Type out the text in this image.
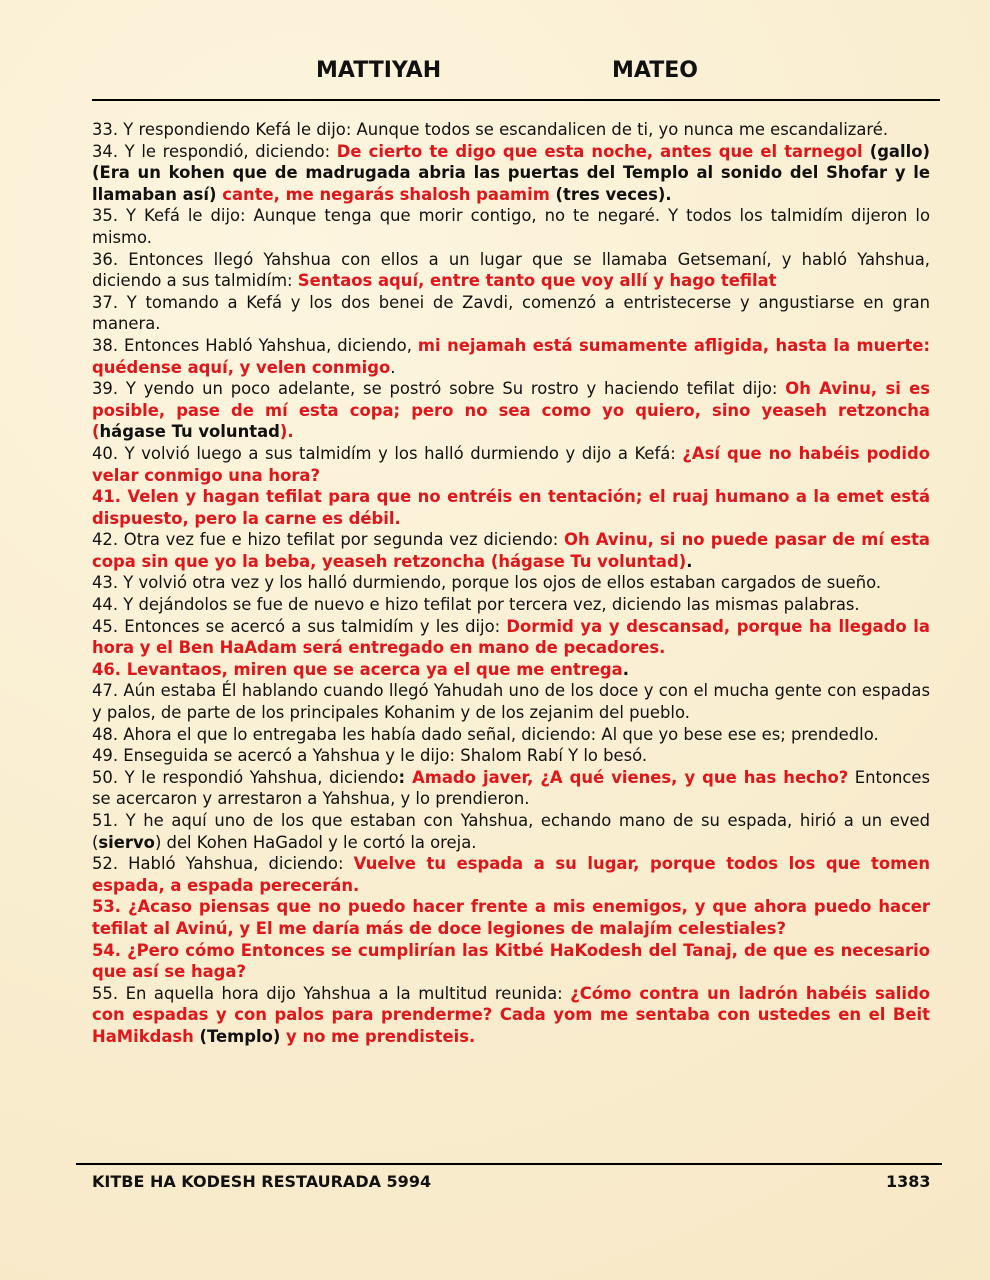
MATTIYAH	MATEO

33. Y respondiendo Kefá le dijo: Aunque todos se escandalicen de ti, yo nunca me escandalizaré.

34. Y le respondió, diciendo: De cierto te digo que esta noche, antes que el tarnegol (gallo) (Era un kohen que de madrugada abria las puertas del Templo al sonido del Shofar y le llamaban así) cante, me negarás shalosh paamim (tres veces).

35. Y Kefá le dijo: Aunque tenga que morir contigo, no te negaré. Y todos los talmidím dijeron lo mismo.

36. Entonces llegó Yahshua con ellos a un lugar que se llamaba Getsemaní, y habló Yahshua, diciendo a sus talmidím: Sentaos aquí, entre tanto que voy allí y hago tefilat

37. Y tomando a Kefá y los dos benei de Zavdi, comenzó a entristecerse y angustiarse en gran manera.

38. Entonces Habló Yahshua, diciendo, mi nejamah está sumamente afligida, hasta la muerte: quédense aquí, y velen conmigo.

39. Y yendo un poco adelante, se postró sobre Su rostro y haciendo tefilat dijo: Oh Avinu, si es posible, pase de mí esta copa; pero no sea como yo quiero, sino yeaseh retzoncha (hágase Tu voluntad).

40. Y volvió luego a sus talmidím y los halló durmiendo y dijo a Kefá: ¿Así que no habéis podido velar conmigo una hora?

41. Velen y hagan tefilat para que no entréis en tentación; el ruaj humano a la emet está dispuesto, pero la carne es débil.

42. Otra vez fue e hizo tefilat por segunda vez diciendo: Oh Avinu, si no puede pasar de mí esta copa sin que yo la beba, yeaseh retzoncha (hágase Tu voluntad).

43. Y volvió otra vez y los halló durmiendo, porque los ojos de ellos estaban cargados de sueño.

44. Y dejándolos se fue de nuevo e hizo tefilat por tercera vez, diciendo las mismas palabras.

45. Entonces se acercó a sus talmidím y les dijo: Dormid ya y descansad, porque ha llegado la hora y el Ben HaAdam será entregado en mano de pecadores.

46. Levantaos, miren que se acerca ya el que me entrega.

47. Aún estaba Él hablando cuando llegó Yahudah uno de los doce y con el mucha gente con espadas y palos, de parte de los principales Kohanim y de los zejanim del pueblo.

48. Ahora el que lo entregaba les había dado señal, diciendo: Al que yo bese ese es; prendedlo.

49. Enseguida se acercó a Yahshua y le dijo: Shalom Rabí Y lo besó.

50. Y le respondió Yahshua, diciendo: Amado javer, ¿A qué vienes, y que has hecho? Entonces se acercaron y arrestaron a Yahshua, y lo prendieron.

51. Y he aquí uno de los que estaban con Yahshua, echando mano de su espada, hirió a un eved (siervo) del Kohen HaGadol y le cortó la oreja.

52. Habló Yahshua, diciendo: Vuelve tu espada a su lugar, porque todos los que tomen espada, a espada perecerán.

53. ¿Acaso piensas que no puedo hacer frente a mis enemigos, y que ahora puedo hacer tefilat al Avinú, y El me daría más de doce legiones de malajím celestiales?

54. ¿Pero cómo Entonces se cumplirían las Kitbé HaKodesh del Tanaj, de que es necesario que así se haga?

55. En aquella hora dijo Yahshua a la multitud reunida: ¿Cómo contra un ladrón habéis salido con espadas y con palos para prenderme? Cada yom me sentaba con ustedes en el Beit HaMikdash (Templo) y no me prendisteis.

KITBE HA KODESH RESTAURADA 5994	1383
